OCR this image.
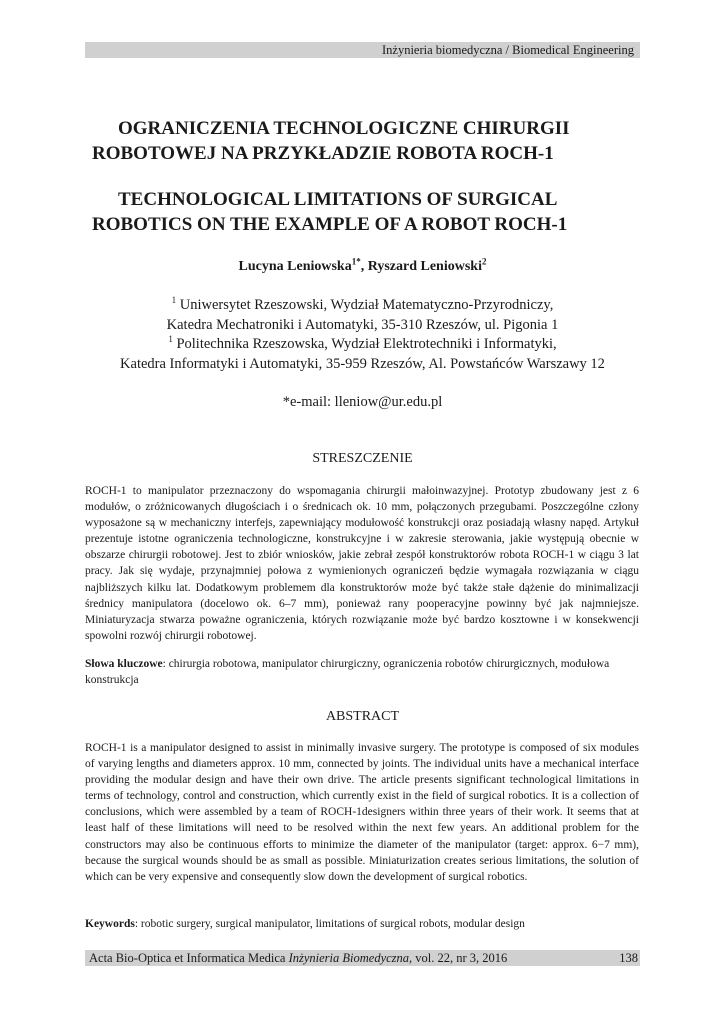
Inżynieria biomedyczna / Biomedical Engineering
OGRANICZENIA TECHNOLOGICZNE CHIRURGII
ROBOTOWEJ NA PRZYKŁADZIE ROBOTA ROCH-1
TECHNOLOGICAL LIMITATIONS OF SURGICAL
ROBOTICS ON THE EXAMPLE OF A ROBOT ROCH-1
Lucyna Leniowska$^{1*}$, Ryszard Leniowski$^2$
$^1$ Uniwersytet Rzeszowski, Wydział Matematyczno-Przyrodniczy,
Katedra Mechatroniki i Automatyki, 35-310 Rzeszów, ul. Pigonia 1
$^1$ Politechnika Rzeszowska, Wydział Elektrotechniki i Informatyki,
Katedra Informatyki i Automatyki, 35-959 Rzeszów, Al. Powstańców Warszawy 12
*e-mail: lleniow@ur.edu.pl
STRESZCZENIE
ROCH-1 to manipulator przeznaczony do wspomagania chirurgii małoinwazyjnej. Prototyp zbudowany jest z 6 modułów, o zróżnicowanych długościach i o średnicach ok. 10 mm, połączonych przegubami. Poszczególne człony wyposażone są w mechaniczny interfejs, zapewniający modułowość konstrukcji oraz posiadają własny napęd. Artykuł prezentuje istotne ograniczenia technologiczne, konstrukcyjne i w zakresie sterowania, jakie występują obecnie w obszarze chirurgii robotowej. Jest to zbiór wniosków, jakie zebrał zespół konstruktorów robota ROCH-1 w ciągu 3 lat pracy. Jak się wydaje, przynajmniej połowa z wymienionych ograniczeń będzie wymagała rozwiązania w ciągu najbliższych kilku lat. Dodatkowym problemem dla konstruktorów może być także stałe dążenie do minimalizacji średnicy manipulatora (docelowo ok. 6–7 mm), ponieważ rany pooperacyjne powinny być jak najmniejsze. Miniaturyzacja stwarza poważne ograniczenia, których rozwiązanie może być bardzo kosztowne i w konsekwencji spowolni rozwój chirurgii robotowej.
Słowa kluczowe: chirurgia robotowa, manipulator chirurgiczny, ograniczenia robotów chirurgicznych, modułowa konstrukcja
ABSTRACT
ROCH-1 is a manipulator designed to assist in minimally invasive surgery. The prototype is composed of six modules of varying lengths and diameters approx. 10 mm, connected by joints. The individual units have a mechanical interface providing the modular design and have their own drive. The article presents significant technological limitations in terms of technology, control and construction, which currently exist in the field of surgical robotics. It is a collection of conclusions, which were assembled by a team of ROCH-1designers within three years of their work. It seems that at least half of these limitations will need to be resolved within the next few years. An additional problem for the constructors may also be continuous efforts to minimize the diameter of the manipulator (target: approx. 6−7 mm), because the surgical wounds should be as small as possible. Miniaturization creates serious limitations, the solution of which can be very expensive and consequently slow down the development of surgical robotics.
Keywords: robotic surgery, surgical manipulator, limitations of surgical robots, modular design
Acta Bio-Optica et Informatica Medica Inżynieria Biomedyczna, vol. 22, nr 3, 2016	138
